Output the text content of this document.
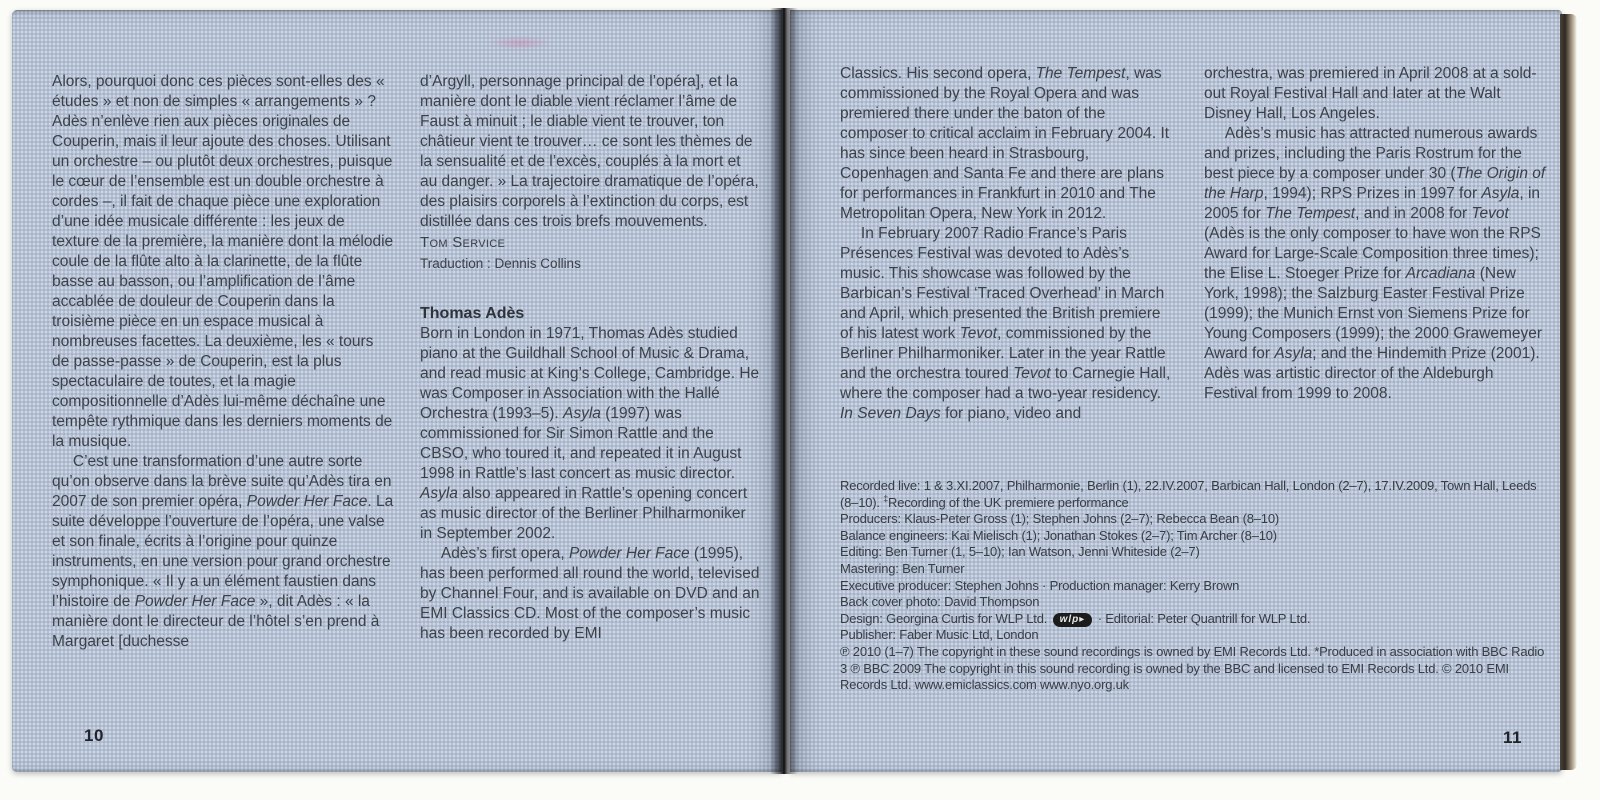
Alors, pourquoi donc ces pièces sont-elles des « études » et non de simples « arrangements » ? Adès n’enlève rien aux pièces originales de Couperin, mais il leur ajoute des choses. Utilisant un orchestre – ou plutôt deux orchestres, puisque le cœur de l’ensemble est un double orchestre à cordes –, il fait de chaque pièce une exploration d’une idée musicale différente : les jeux de texture de la première, la manière dont la mélodie coule de la flûte alto à la clarinette, de la flûte basse au basson, ou l’amplification de l’âme accablée de douleur de Couperin dans la troisième pièce en un espace musical à nombreuses facettes. La deuxième, les « tours de passe-passe » de Couperin, est la plus spectaculaire de toutes, et la magie compositionnelle d’Adès lui-même déchaîne une tempête rythmique dans les derniers moments de la musique.

C’est une transformation d’une autre sorte qu’on observe dans la brève suite qu’Adès tira en 2007 de son premier opéra, Powder Her Face. La suite développe l’ouverture de l’opéra, une valse et son finale, écrits à l’origine pour quinze instruments, en une version pour grand orchestre symphonique. « Il y a un élément faustien dans l’histoire de Powder Her Face », dit Adès : « la manière dont le directeur de l’hôtel s’en prend à Margaret [duchesse

d’Argyll, personnage principal de l’opéra], et la manière dont le diable vient réclamer l’âme de Faust à minuit ; le diable vient te trouver, ton châtieur vient te trouver… ce sont les thèmes de la sensualité et de l’excès, couplés à la mort et au danger. » La trajectoire dramatique de l’opéra, des plaisirs corporels à l’extinction du corps, est distillée dans ces trois brefs mouvements.

Tom Service

Traduction : Dennis Collins

Thomas Adès

Born in London in 1971, Thomas Adès studied piano at the Guildhall School of Music & Drama, and read music at King’s College, Cambridge. He was Composer in Association with the Hallé Orchestra (1993–5). Asyla (1997) was commissioned for Sir Simon Rattle and the CBSO, who toured it, and repeated it in August 1998 in Rattle’s last concert as music director. Asyla also appeared in Rattle’s opening concert as music director of the Berliner Philharmoniker in September 2002.

Adès’s first opera, Powder Her Face (1995), has been performed all round the world, televised by Channel Four, and is available on DVD and an EMI Classics CD. Most of the composer’s music has been recorded by EMI

10

Classics. His second opera, The Tempest, was commissioned by the Royal Opera and was premiered there under the baton of the composer to critical acclaim in February 2004. It has since been heard in Strasbourg, Copenhagen and Santa Fe and there are plans for performances in Frankfurt in 2010 and The Metropolitan Opera, New York in 2012.

In February 2007 Radio France’s Paris Présences Festival was devoted to Adès’s music. This showcase was followed by the Barbican’s Festival ‘Traced Overhead’ in March and April, which presented the British premiere of his latest work Tevot, commissioned by the Berliner Philharmoniker. Later in the year Rattle and the orchestra toured Tevot to Carnegie Hall, where the composer had a two-year residency. In Seven Days for piano, video and

orchestra, was premiered in April 2008 at a sold-out Royal Festival Hall and later at the Walt Disney Hall, Los Angeles.

Adès’s music has attracted numerous awards and prizes, including the Paris Rostrum for the best piece by a composer under 30 (The Origin of the Harp, 1994); RPS Prizes in 1997 for Asyla, in 2005 for The Tempest, and in 2008 for Tevot (Adès is the only composer to have won the RPS Award for Large-Scale Composition three times); the Elise L. Stoeger Prize for Arcadiana (New York, 1998); the Salzburg Easter Festival Prize (1999); the Munich Ernst von Siemens Prize for Young Composers (1999); the 2000 Grawemeyer Award for Asyla; and the Hindemith Prize (2001). Adès was artistic director of the Aldeburgh Festival from 1999 to 2008.

Recorded live: 1 & 3.XI.2007, Philharmonie, Berlin (1), 22.IV.2007, Barbican Hall, London (2–7), 17.IV.2009, Town Hall, Leeds (8–10). ‡Recording of the UK premiere performance

Producers: Klaus-Peter Gross (1); Stephen Johns (2–7); Rebecca Bean (8–10)

Balance engineers: Kai Mielisch (1); Jonathan Stokes (2–7); Tim Archer (8–10)

Editing: Ben Turner (1, 5–10); Ian Watson, Jenni Whiteside (2–7)

Mastering: Ben Turner

Executive producer: Stephen Johns · Production manager: Kerry Brown

Back cover photo: David Thompson

Design: Georgina Curtis for WLP Ltd. wlp▸ · Editorial: Peter Quantrill for WLP Ltd.

Publisher: Faber Music Ltd, London

℗ 2010 (1–7) The copyright in these sound recordings is owned by EMI Records Ltd. *Produced in association with BBC Radio 3 ℗ BBC 2009 The copyright in this sound recording is owned by the BBC and licensed to EMI Records Ltd. © 2010 EMI Records Ltd. www.emiclassics.com www.nyo.org.uk

11
